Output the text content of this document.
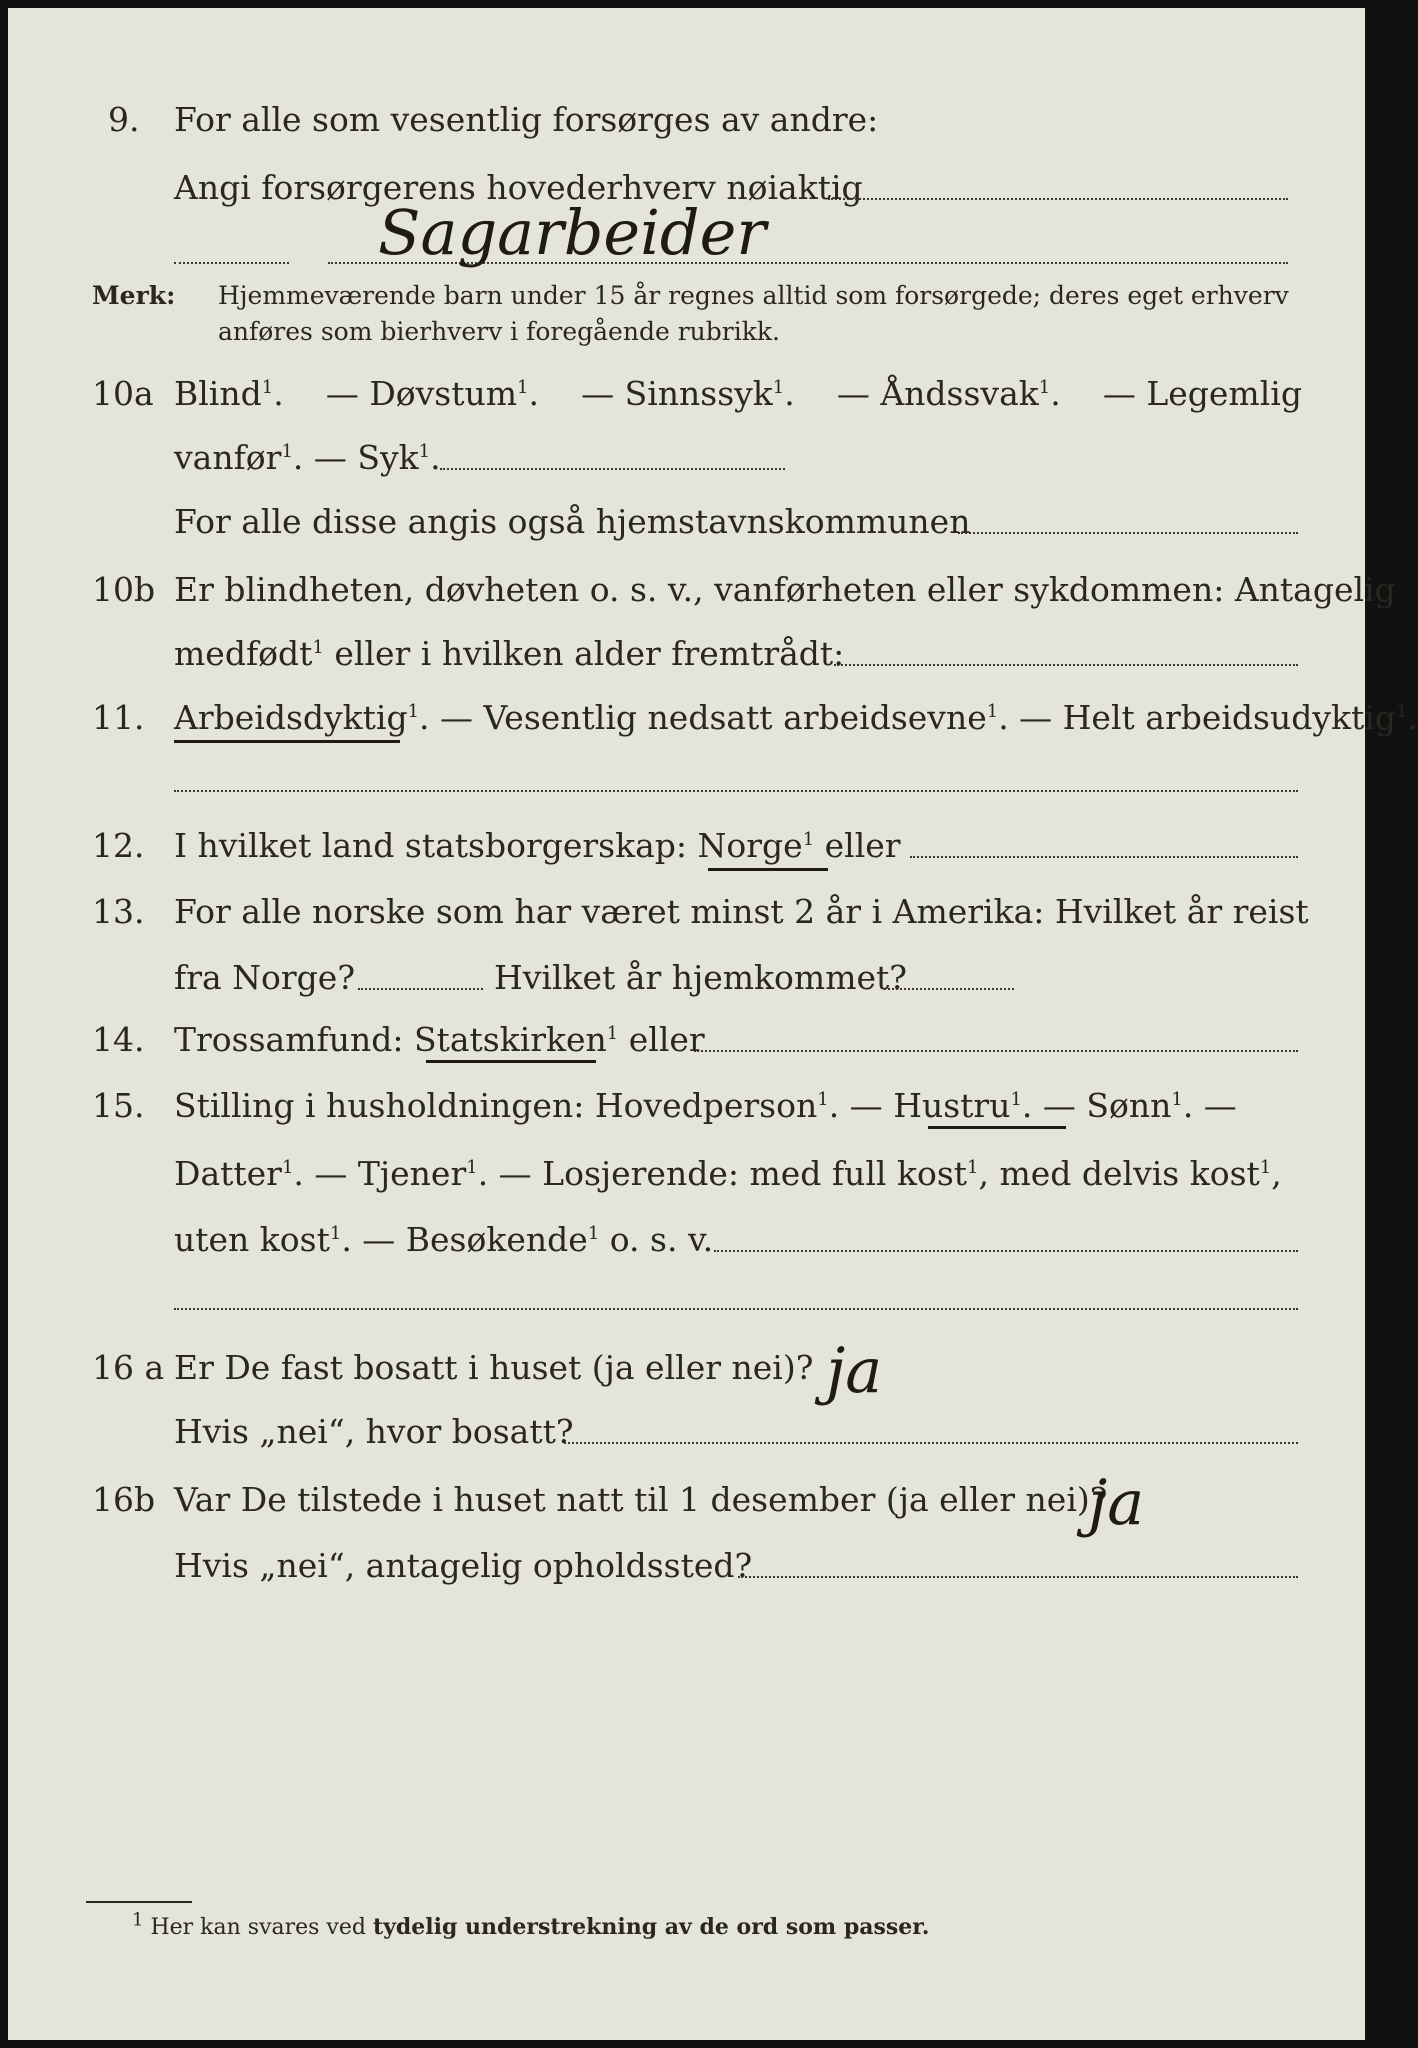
9. For alle som vesentlig forsørges av andre:
Angi forsørgerens hovederhverv nøiaktig
Sagarbeider
Merk: Hjemmeværende barn under 15 år regnes alltid som forsørgede; deres eget erhverv
anføres som bierhverv i foregående rubrikk.
10a Blind$^1$. — Døvstum$^1$. — Sinnssyk$^1$. — Åndssvak$^1$. — Legemlig
vanfør$^1$. — Syk$^1$.
For alle disse angis også hjemstavnskommunen
10b Er blindheten, døvheten o. s. v., vanførheten eller sykdommen: Antagelig
medfødt$^1$ eller i hvilken alder fremtrådt:
11. Arbeidsdyktig$^1$. — Vesentlig nedsatt arbeidsevne$^1$. — Helt arbeidsudyktig$^1$.
12. I hvilket land statsborgerskap: Norge$^1$ eller
13. For alle norske som har været minst 2 år i Amerika: Hvilket år reist
fra Norge?	Hvilket år hjemkommet?
14. Trossamfund: Statskirken$^1$ eller
15. Stilling i husholdningen: Hovedperson$^1$. — Hustru$^1$. — Sønn$^1$. —
Datter$^1$. — Tjener$^1$. — Losjerende: med full kost$^1$, med delvis kost$^1$,
uten kost$^1$. — Besøkende$^1$ o. s. v.
16 a Er De fast bosatt i huset (ja eller nei)? ja
Hvis „nei“, hvor bosatt?
16b Var De tilstede i huset natt til 1 desember (ja eller nei)?
ja
Hvis „nei“, antagelig opholdssted?
$^1$ Her kan svares ved tydelig understrekning av de ord som passer.
